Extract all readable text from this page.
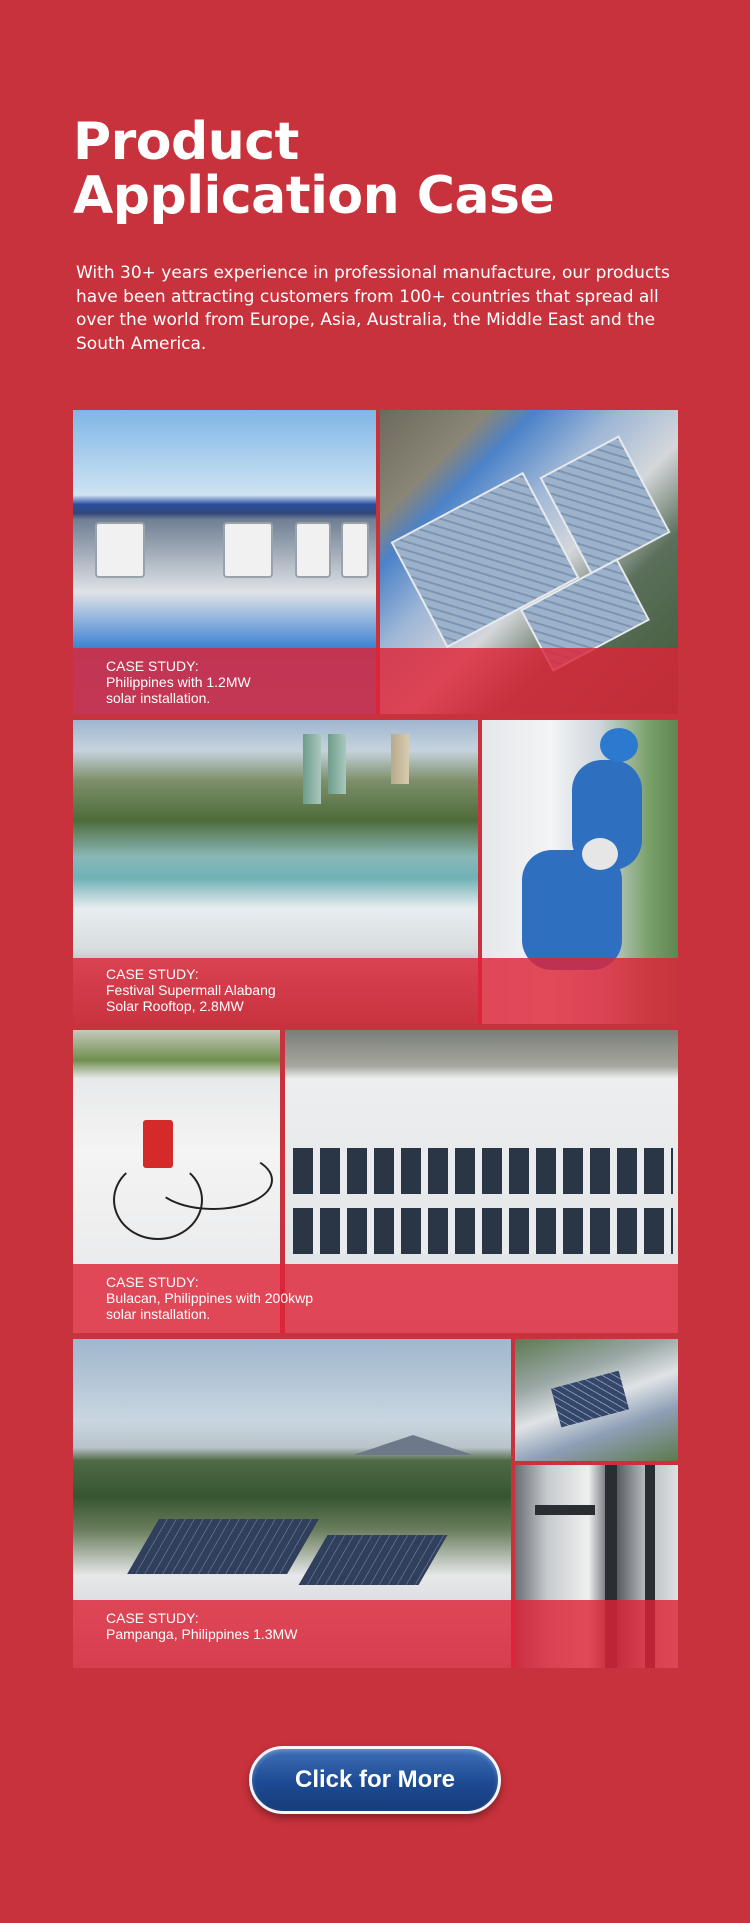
Product
Application Case

With 30+ years experience in professional manufacture, our products have been attracting customers from 100+ countries that spread all over the world from Europe, Asia, Australia, the Middle East and the South America.

CASE STUDY:
Philippines with 1.2MW
solar installation.
CASE STUDY:
Festival Supermall Alabang
Solar Rooftop, 2.8MW
CASE STUDY:
Bulacan, Philippines with 200kwp
solar installation.
CASE STUDY:
Pampanga, Philippines 1.3MW
Click for More
